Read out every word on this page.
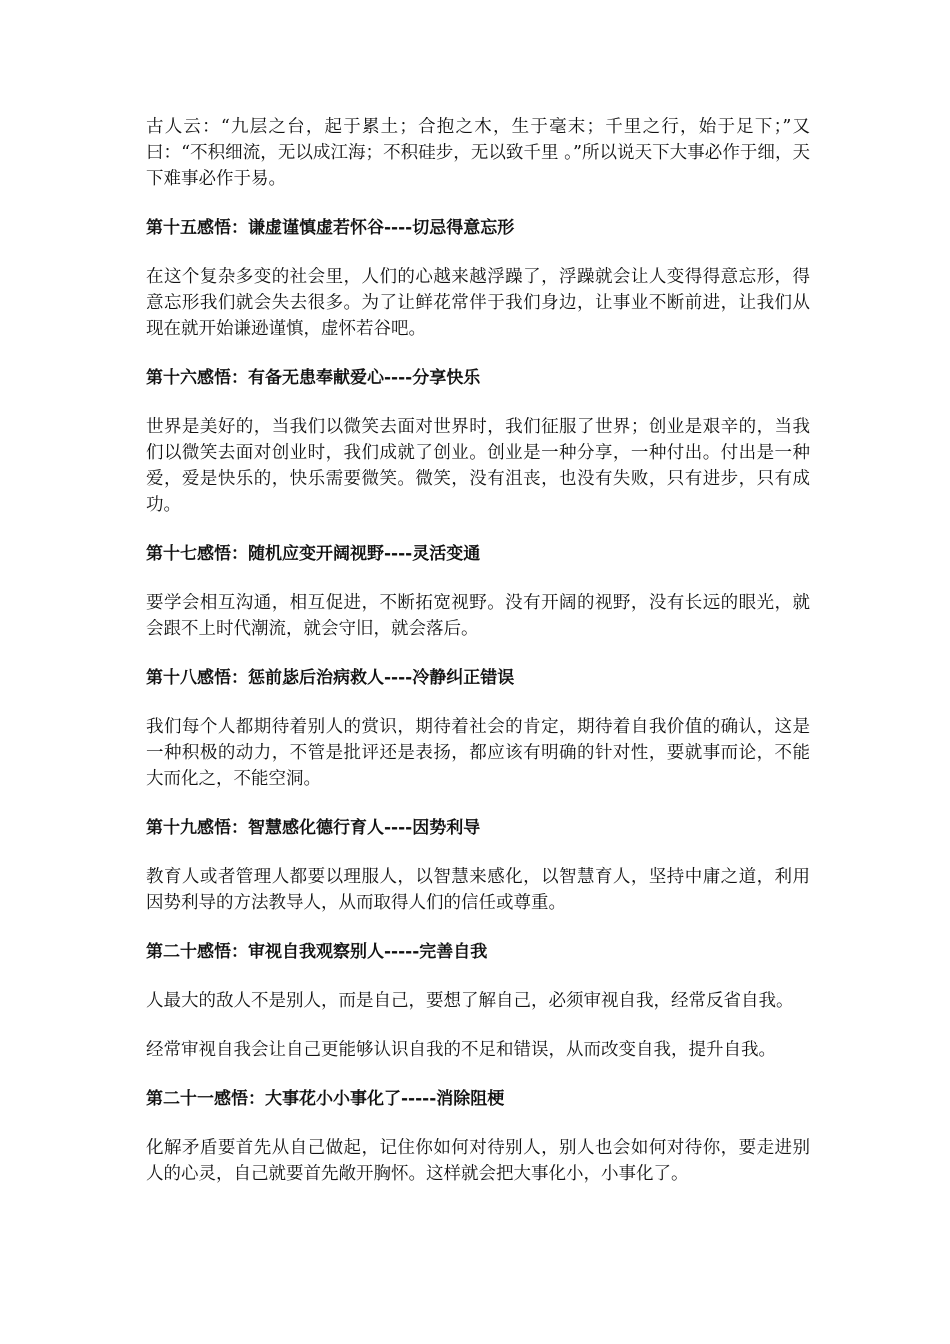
古人云：“九层之台，起于累土；合抱之木，生于毫末；千里之行，始于足下；”又曰：“不积细流，无以成江海；不积硅步，无以致千里 。”所以说天下大事必作于细，天下难事必作于易。

第十五感悟：谦虚谨慎虚若怀谷----切忌得意忘形

在这个复杂多变的社会里，人们的心越来越浮躁了，浮躁就会让人变得得意忘形，得意忘形我们就会失去很多。为了让鲜花常伴于我们身边，让事业不断前进，让我们从现在就开始谦逊谨慎，虚怀若谷吧。

第十六感悟：有备无患奉献爱心----分享快乐

世界是美好的，当我们以微笑去面对世界时，我们征服了世界；创业是艰辛的，当我们以微笑去面对创业时，我们成就了创业。创业是一种分享，一种付出。付出是一种爱，爱是快乐的，快乐需要微笑。微笑，没有沮丧，也没有失败，只有进步，只有成功。

第十七感悟：随机应变开阔视野----灵活变通

要学会相互沟通，相互促进，不断拓宽视野。没有开阔的视野，没有长远的眼光，就会跟不上时代潮流，就会守旧，就会落后。

第十八感悟：惩前毖后治病救人----冷静纠正错误

我们每个人都期待着别人的赏识，期待着社会的肯定，期待着自我价值的确认，这是一种积极的动力，不管是批评还是表扬，都应该有明确的针对性，要就事而论，不能大而化之，不能空洞。

第十九感悟：智慧感化德行育人----因势利导

教育人或者管理人都要以理服人，以智慧来感化，以智慧育人，坚持中庸之道，利用因势利导的方法教导人，从而取得人们的信任或尊重。

第二十感悟：审视自我观察别人-----完善自我

人最大的敌人不是别人，而是自己，要想了解自己，必须审视自我，经常反省自我。

经常审视自我会让自己更能够认识自我的不足和错误，从而改变自我，提升自我。

第二十一感悟：大事花小小事化了-----消除阻梗

化解矛盾要首先从自己做起，记住你如何对待别人，别人也会如何对待你，要走进别人的心灵，自己就要首先敞开胸怀。这样就会把大事化小，小事化了。
